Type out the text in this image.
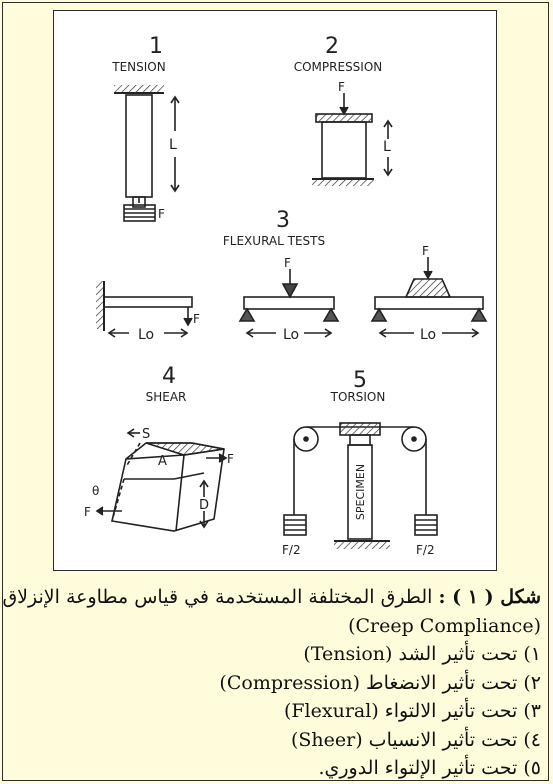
1
TENSION
L
F
2
COMPRESSION
F
L
3
FLEXURAL TESTS
F
Lo
F
Lo
F
Lo
4
SHEAR
A	F
F
S
D
θ
5
TORSION
SPECIMEN
F/2	F/2
شكل ( ١ ) : الطرق المختلفة المستخدمة في قياس مطاوعة الإنزلاق
(Creep Compliance)
١) تحت تأثير الشد (Tension)
٢) تحت تأثير الانضغاط (Compression)
٣) تحت تأثير الالتواء (Flexural)
٤) تحت تأثير الانسياب (Sheer)
٥) تحت تأثير الإلتواء الدوري.
